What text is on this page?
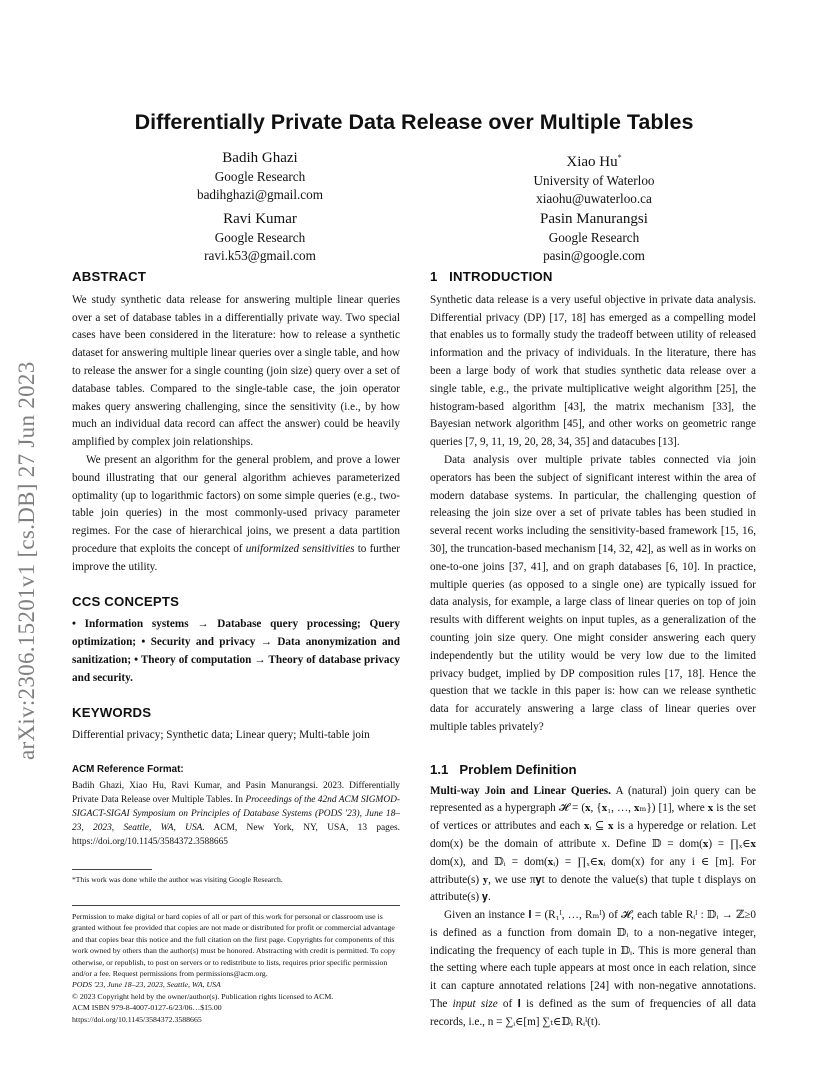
arXiv:2306.15201v1 [cs.DB] 27 Jun 2023
Differentially Private Data Release over Multiple Tables
Badih Ghazi
Google Research
badihghazi@gmail.com
Xiao Hu*
University of Waterloo
xiaohu@uwaterloo.ca
Ravi Kumar
Google Research
ravi.k53@gmail.com
Pasin Manurangsi
Google Research
pasin@google.com
ABSTRACT

We study synthetic data release for answering multiple linear queries over a set of database tables in a differentially private way. Two special cases have been considered in the literature: how to release a synthetic dataset for answering multiple linear queries over a single table, and how to release the answer for a single counting (join size) query over a set of database tables. Compared to the single-table case, the join operator makes query answering challenging, since the sensitivity (i.e., by how much an individual data record can affect the answer) could be heavily amplified by complex join relationships.

We present an algorithm for the general problem, and prove a lower bound illustrating that our general algorithm achieves parameterized optimality (up to logarithmic factors) on some simple queries (e.g., two-table join queries) in the most commonly-used privacy parameter regimes. For the case of hierarchical joins, we present a data partition procedure that exploits the concept of uniformized sensitivities to further improve the utility.

CCS CONCEPTS

• Information systems → Database query processing; Query optimization; • Security and privacy → Data anonymization and sanitization; • Theory of computation → Theory of database privacy and security.

KEYWORDS

Differential privacy; Synthetic data; Linear query; Multi-table join

ACM Reference Format:

Badih Ghazi, Xiao Hu, Ravi Kumar, and Pasin Manurangsi. 2023. Differentially Private Data Release over Multiple Tables. In Proceedings of the 42nd ACM SIGMOD-SIGACT-SIGAI Symposium on Principles of Database Systems (PODS '23), June 18–23, 2023, Seattle, WA, USA. ACM, New York, NY, USA, 13 pages. https://doi.org/10.1145/3584372.3588665

*This work was done while the author was visiting Google Research.

Permission to make digital or hard copies of all or part of this work for personal or classroom use is granted without fee provided that copies are not made or distributed for profit or commercial advantage and that copies bear this notice and the full citation on the first page. Copyrights for components of this work owned by others than the author(s) must be honored. Abstracting with credit is permitted. To copy otherwise, or republish, to post on servers or to redistribute to lists, requires prior specific permission and/or a fee. Request permissions from permissions@acm.org.

PODS '23, June 18–23, 2023, Seattle, WA, USA

© 2023 Copyright held by the owner/author(s). Publication rights licensed to ACM.

ACM ISBN 979-8-4007-0127-6/23/06…$15.00

https://doi.org/10.1145/3584372.3588665

1   INTRODUCTION

Synthetic data release is a very useful objective in private data analysis. Differential privacy (DP) [17, 18] has emerged as a compelling model that enables us to formally study the tradeoff between utility of released information and the privacy of individuals. In the literature, there has been a large body of work that studies synthetic data release over a single table, e.g., the private multiplicative weight algorithm [25], the histogram-based algorithm [43], the matrix mechanism [33], the Bayesian network algorithm [45], and other works on geometric range queries [7, 9, 11, 19, 20, 28, 34, 35] and datacubes [13].

Data analysis over multiple private tables connected via join operators has been the subject of significant interest within the area of modern database systems. In particular, the challenging question of releasing the join size over a set of private tables has been studied in several recent works including the sensitivity-based framework [15, 16, 30], the truncation-based mechanism [14, 32, 42], as well as in works on one-to-one joins [37, 41], and on graph databases [6, 10]. In practice, multiple queries (as opposed to a single one) are typically issued for data analysis, for example, a large class of linear queries on top of join results with different weights on input tuples, as a generalization of the counting join size query. One might consider answering each query independently but the utility would be very low due to the limited privacy budget, implied by DP composition rules [17, 18]. Hence the question that we tackle in this paper is: how can we release synthetic data for accurately answering a large class of linear queries over multiple tables privately?

1.1   Problem Definition

Multi-way Join and Linear Queries. A (natural) join query can be represented as a hypergraph 𝓗 = (𝐱, {𝐱₁, …, 𝐱ₘ}) [1], where 𝐱 is the set of vertices or attributes and each 𝐱ᵢ ⊆ 𝐱 is a hyperedge or relation. Let dom(x) be the domain of attribute x. Define 𝔻 = dom(𝐱) = ∏ₓ∈𝐱 dom(x), and 𝔻ᵢ = dom(𝐱ᵢ) = ∏ₓ∈𝐱ᵢ dom(x) for any i ∈ [m]. For attribute(s) 𝐲, we use π𝐲t to denote the value(s) that tuple t displays on attribute(s) 𝐲.

Given an instance 𝐈 = (R₁ᴵ, …, Rₘᴵ) of 𝓗, each table Rᵢᴵ : 𝔻ᵢ → ℤ≥0 is defined as a function from domain 𝔻ᵢ to a non-negative integer, indicating the frequency of each tuple in 𝔻ᵢ. This is more general than the setting where each tuple appears at most once in each relation, since it can capture annotated relations [24] with non-negative annotations. The input size of 𝐈 is defined as the sum of frequencies of all data records, i.e., n = ∑ᵢ∈[m] ∑ₜ∈𝔻ᵢ Rᵢᴵ(t).
